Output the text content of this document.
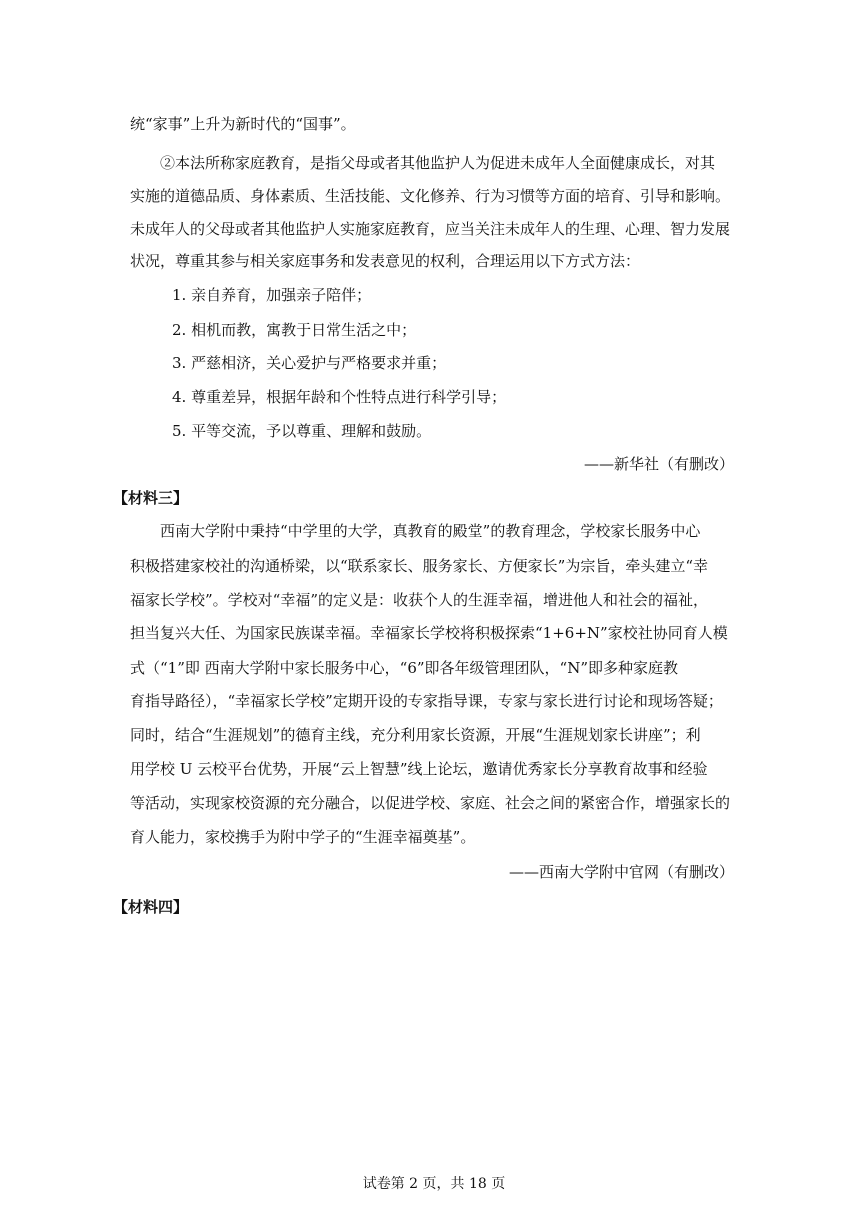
统“家事”上升为新时代的“国事”。
②本法所称家庭教育，是指父母或者其他监护人为促进未成年人全面健康成长，对其
实施的道德品质、身体素质、生活技能、文化修养、行为习惯等方面的培育、引导和影响。
未成年人的父母或者其他监护人实施家庭教育，应当关注未成年人的生理、心理、智力发展
状况，尊重其参与相关家庭事务和发表意见的权利，合理运用以下方式方法：
1. 亲自养育，加强亲子陪伴；
2. 相机而教，寓教于日常生活之中；
3. 严慈相济，关心爱护与严格要求并重；
4. 尊重差异，根据年龄和个性特点进行科学引导；
5. 平等交流，予以尊重、理解和鼓励。
——新华社（有删改）
【材料三】
西南大学附中秉持“中学里的大学，真教育的殿堂”的教育理念，学校家长服务中心
积极搭建家校社的沟通桥梁，以“联系家长、服务家长、方便家长”为宗旨，牵头建立“幸
福家长学校”。学校对“幸福”的定义是：收获个人的生涯幸福，增进他人和社会的福祉，
担当复兴大任、为国家民族谋幸福。幸福家长学校将积极探索“1+6+N”家校社协同育人模
式（“1”即 西南大学附中家长服务中心，“6”即各年级管理团队，“N”即多种家庭教
育指导路径），“幸福家长学校”定期开设的专家指导课，专家与家长进行讨论和现场答疑；
同时，结合“生涯规划”的德育主线，充分利用家长资源，开展“生涯规划家长讲座”；利
用学校 U 云校平台优势，开展“云上智慧”线上论坛，邀请优秀家长分享教育故事和经验
等活动，实现家校资源的充分融合，以促进学校、家庭、社会之间的紧密合作，增强家长的
育人能力，家校携手为附中学子的“生涯幸福奠基”。
——西南大学附中官网（有删改）
【材料四】
试卷第 2 页，共 18 页
